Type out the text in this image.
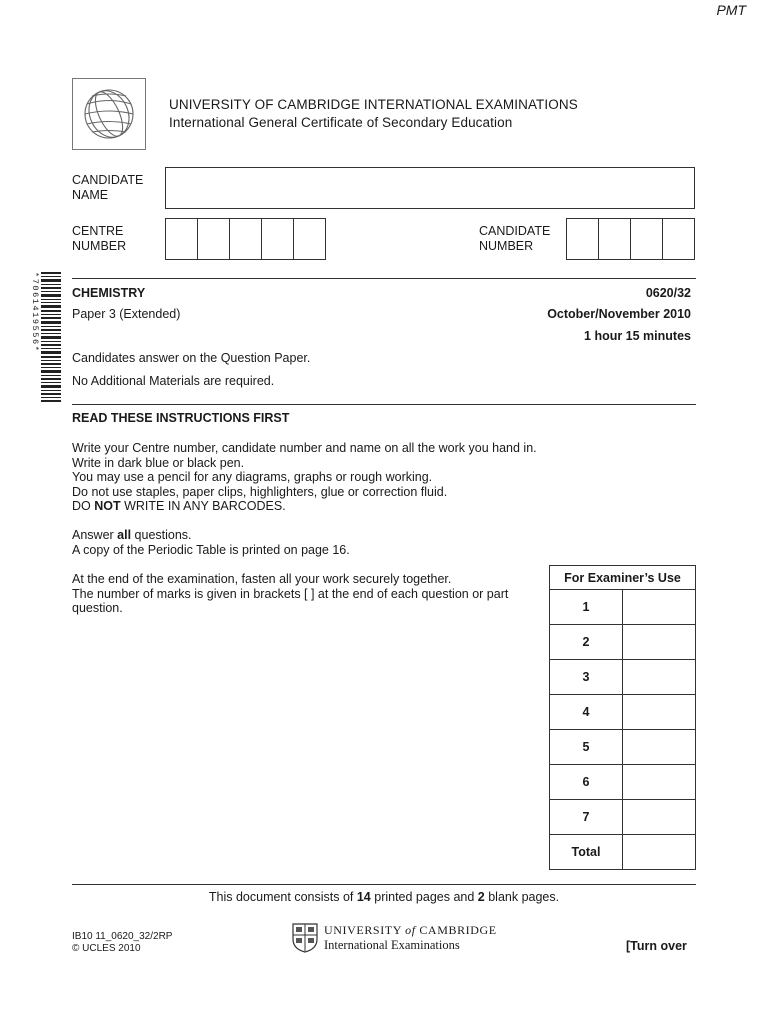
PMT
UNIVERSITY OF CAMBRIDGE INTERNATIONAL EXAMINATIONS
International General Certificate of Secondary Education
CANDIDATE
NAME
CENTRE
NUMBER
CANDIDATE
NUMBER
*7061419556*	CHEMISTRY	0620/32
Paper 3 (Extended)	October/November 2010
1 hour 15 minutes
Candidates answer on the Question Paper.
No Additional Materials are required.
READ THESE INSTRUCTIONS FIRST
Write your Centre number, candidate number and name on all the work you hand in.
Write in dark blue or black pen.
You may use a pencil for any diagrams, graphs or rough working.
Do not use staples, paper clips, highlighters, glue or correction fluid.
DO NOT WRITE IN ANY BARCODES.
Answer all questions.
A copy of the Periodic Table is printed on page 16.
At the end of the examination, fasten all your work securely together.
The number of marks is given in brackets [ ] at the end of each question or part
question.
For Examiner’s Use	
1	
2	
3	
4	
5	
6	
7	
Total	
This document consists of 14 printed pages and 2 blank pages.
IB10 11_0620_32/2RP
© UCLES 2010
UNIVERSITY of CAMBRIDGE
International Examinations	[Turn over
